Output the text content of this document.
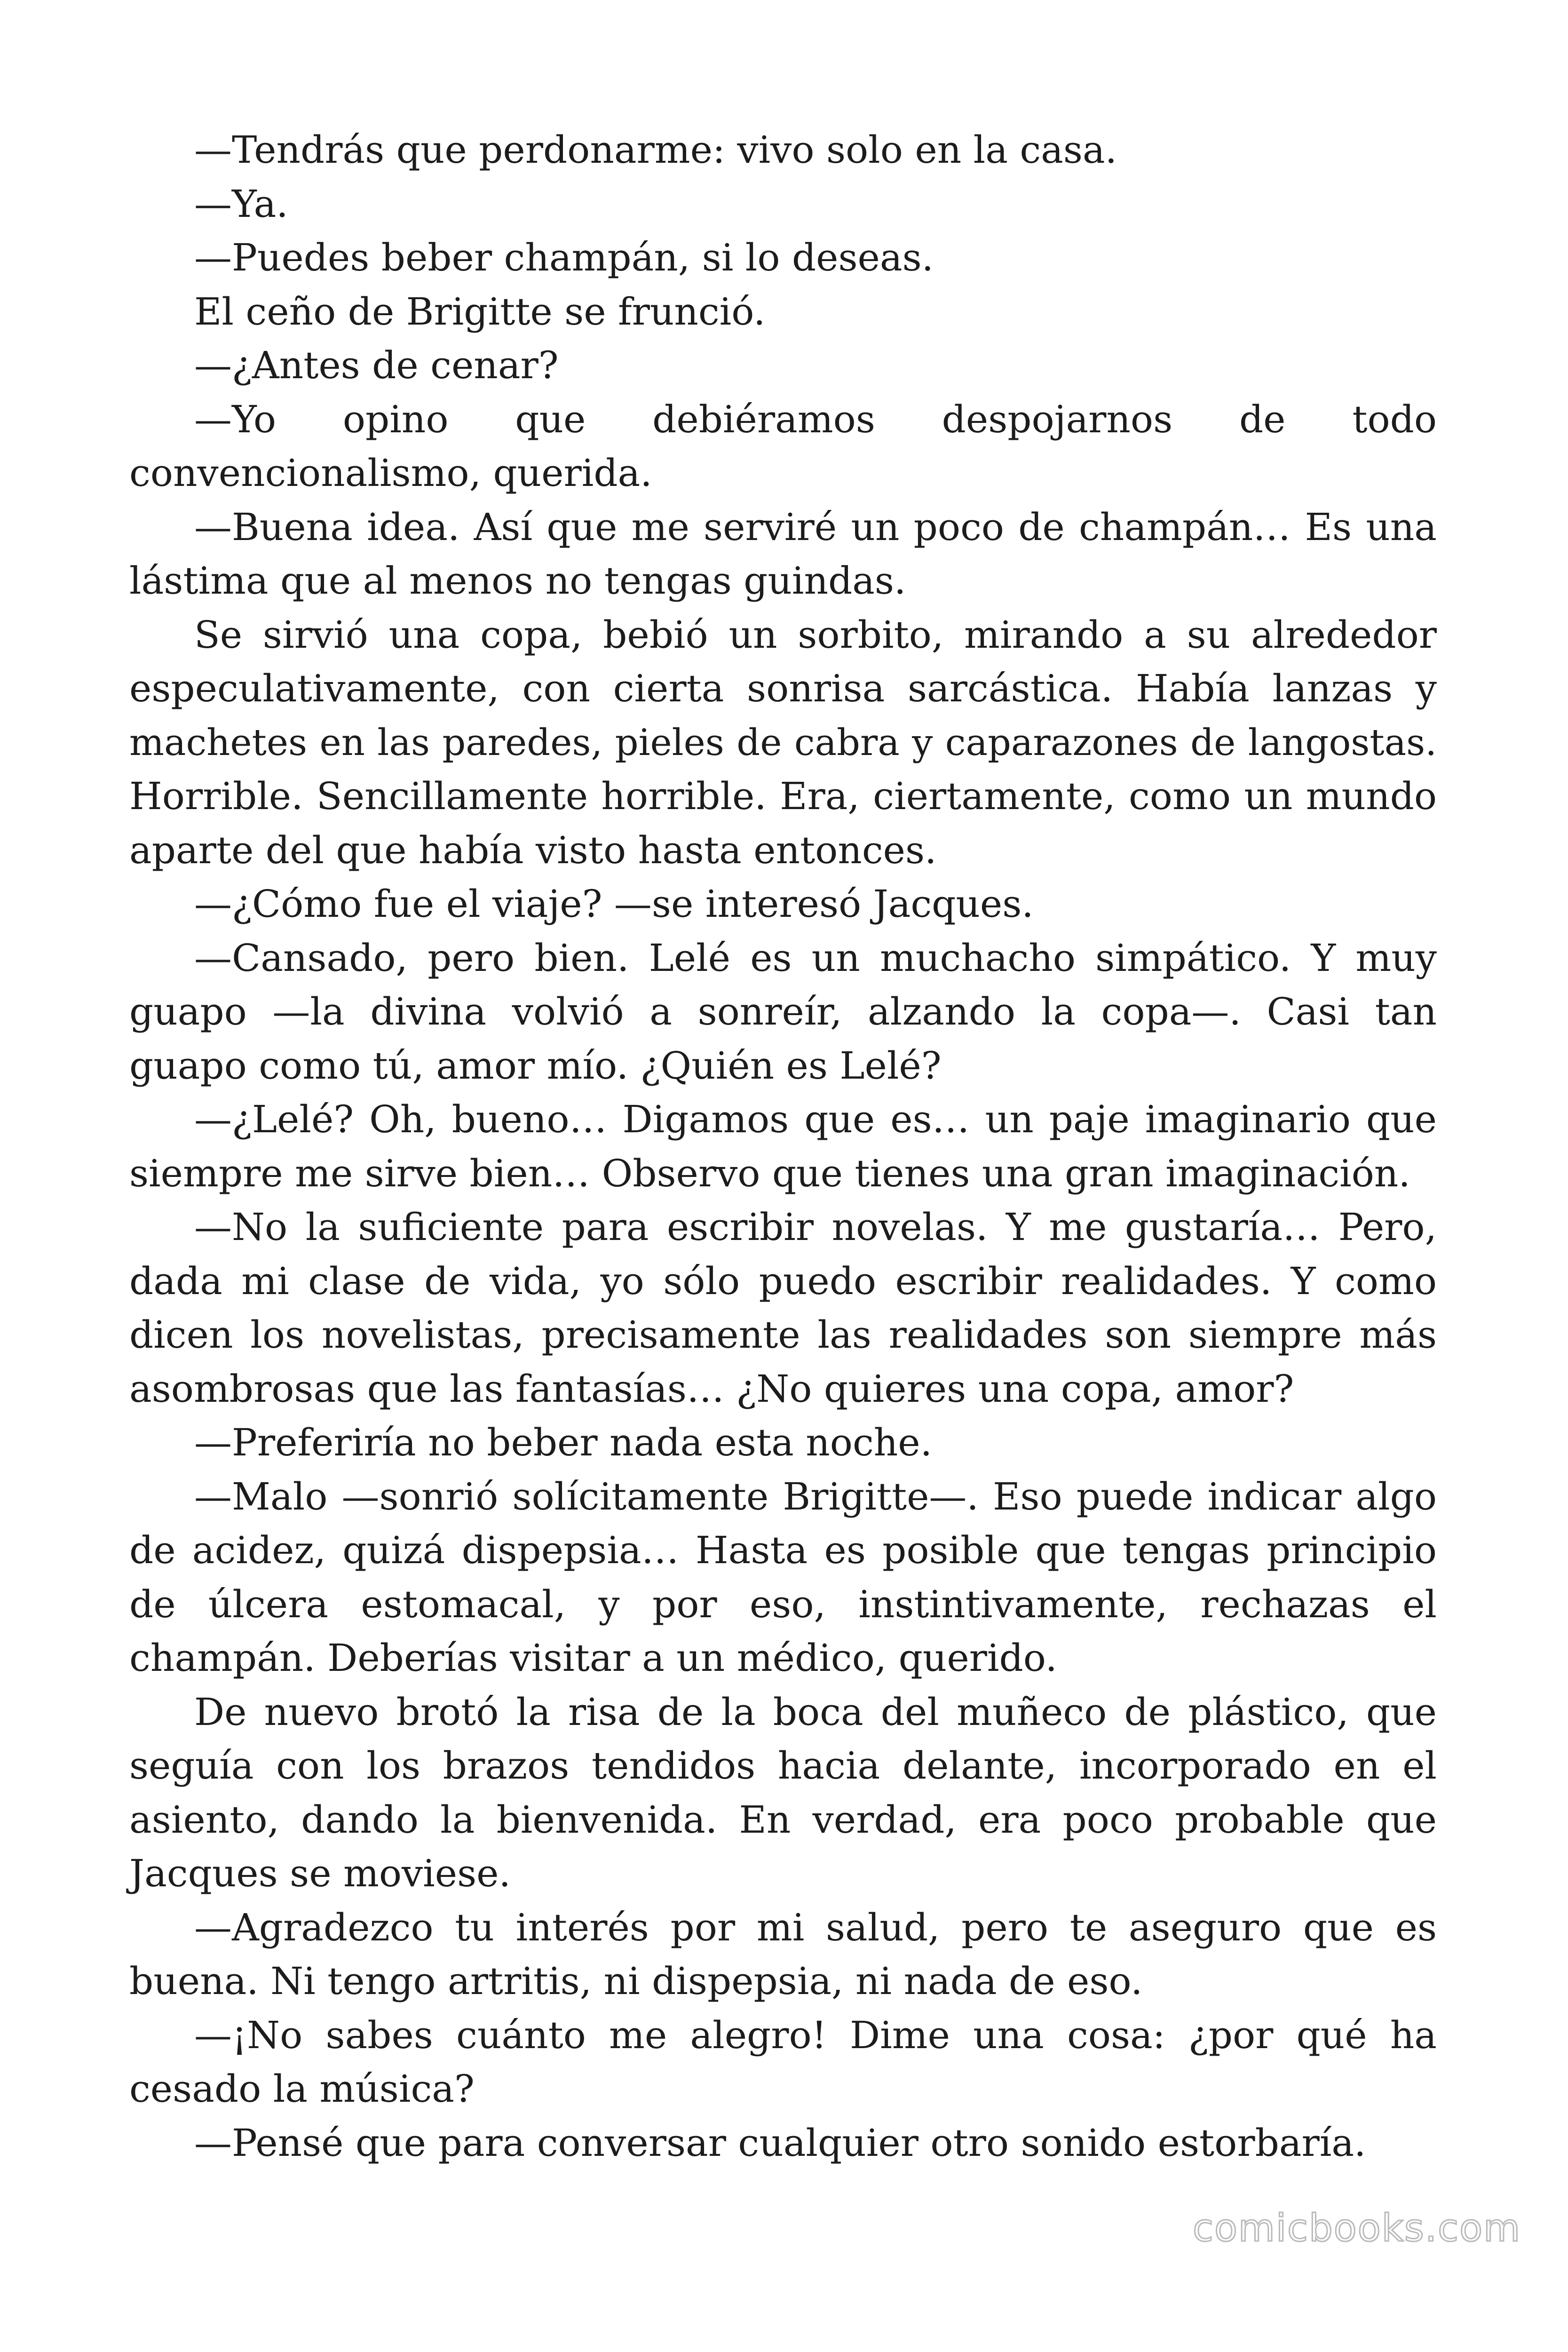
—Tendrás que perdonarme: vivo solo en la casa.
—Ya.
—Puedes beber champán, si lo deseas.
El ceño de Brigitte se frunció.
—¿Antes de cenar?
—Yo opino que debiéramos despojarnos de todo
convencionalismo, querida.
—Buena idea. Así que me serviré un poco de champán… Es una
lástima que al menos no tengas guindas.
Se sirvió una copa, bebió un sorbito, mirando a su alrededor
especulativamente, con cierta sonrisa sarcástica. Había lanzas y
machetes en las paredes, pieles de cabra y caparazones de langostas.
Horrible. Sencillamente horrible. Era, ciertamente, como un mundo
aparte del que había visto hasta entonces.
—¿Cómo fue el viaje? —se interesó Jacques.
—Cansado, pero bien. Lelé es un muchacho simpático. Y muy
guapo —la divina volvió a sonreír, alzando la copa—. Casi tan
guapo como tú, amor mío. ¿Quién es Lelé?
—¿Lelé? Oh, bueno… Digamos que es… un paje imaginario que
siempre me sirve bien… Observo que tienes una gran imaginación.
—No la suficiente para escribir novelas. Y me gustaría… Pero,
dada mi clase de vida, yo sólo puedo escribir realidades. Y como
dicen los novelistas, precisamente las realidades son siempre más
asombrosas que las fantasías… ¿No quieres una copa, amor?
—Preferiría no beber nada esta noche.
—Malo —sonrió solícitamente Brigitte—. Eso puede indicar algo
de acidez, quizá dispepsia… Hasta es posible que tengas principio
de úlcera estomacal, y por eso, instintivamente, rechazas el
champán. Deberías visitar a un médico, querido.
De nuevo brotó la risa de la boca del muñeco de plástico, que
seguía con los brazos tendidos hacia delante, incorporado en el
asiento, dando la bienvenida. En verdad, era poco probable que
Jacques se moviese.
—Agradezco tu interés por mi salud, pero te aseguro que es
buena. Ni tengo artritis, ni dispepsia, ni nada de eso.
—¡No sabes cuánto me alegro! Dime una cosa: ¿por qué ha
cesado la música?
—Pensé que para conversar cualquier otro sonido estorbaría.
comicbooks.com
